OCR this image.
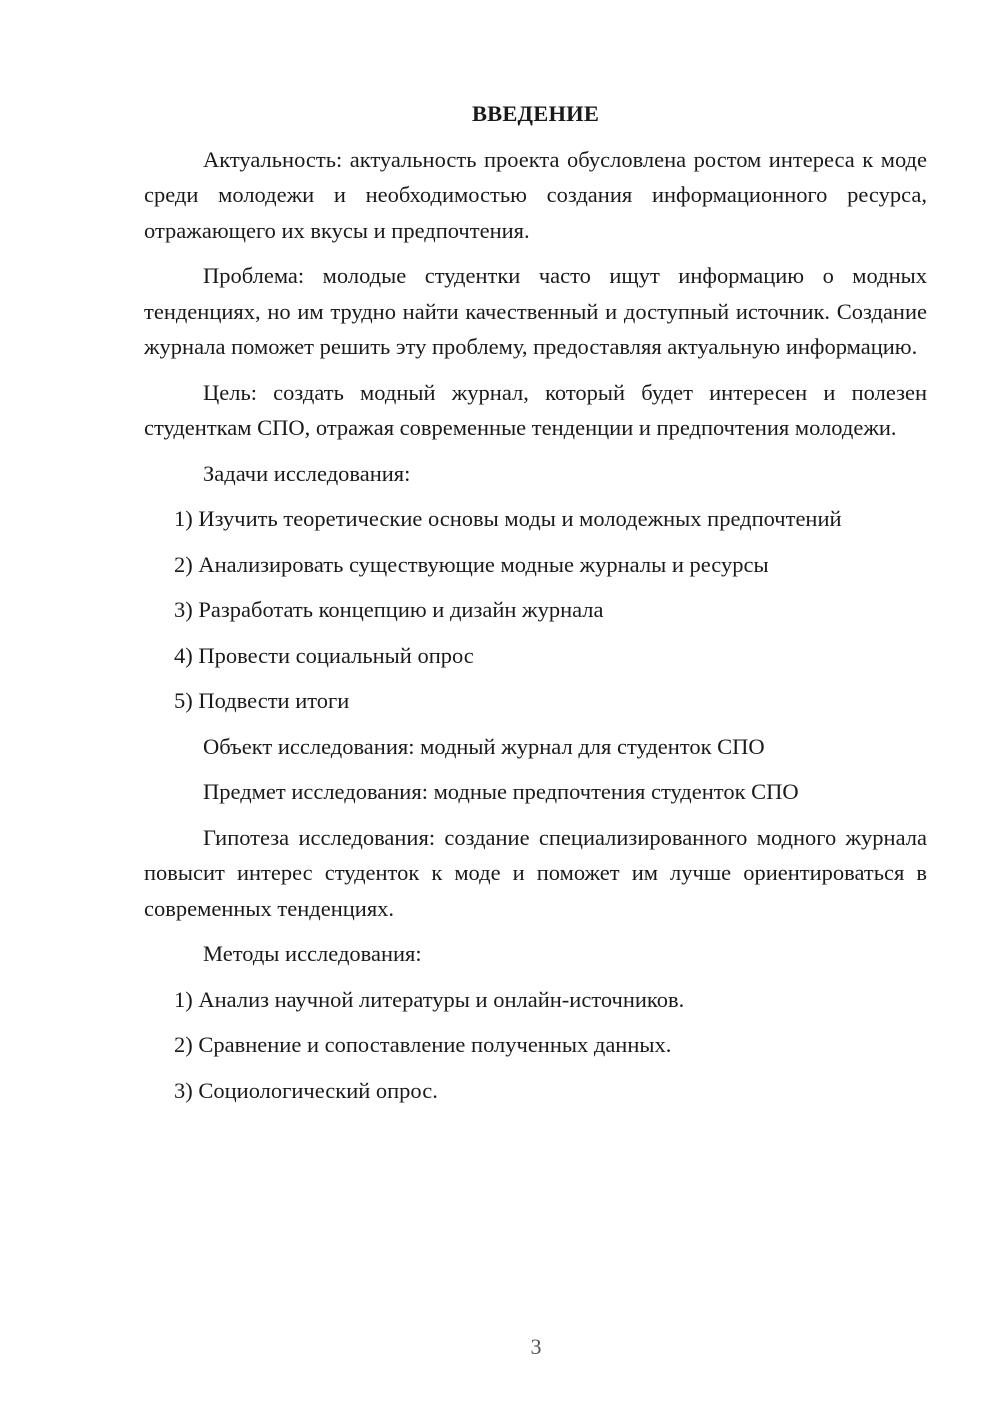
ВВЕДЕНИЕ
Актуальность: актуальность проекта обусловлена ростом интереса к моде среди молодежи и необходимостью создания информационного ресурса, отражающего их вкусы и предпочтения.
Проблема: молодые студентки часто ищут информацию о модных тенденциях, но им трудно найти качественный и доступный источник. Создание журнала поможет решить эту проблему, предоставляя актуальную информацию.
Цель: создать модный журнал, который будет интересен и полезен студенткам СПО, отражая современные тенденции и предпочтения молодежи.
Задачи исследования:
1) Изучить теоретические основы моды и молодежных предпочтений
2) Анализировать существующие модные журналы и ресурсы
3) Разработать концепцию и дизайн журнала
4) Провести социальный опрос
5) Подвести итоги
Объект исследования: модный журнал для студенток СПО
Предмет исследования: модные предпочтения студенток СПО
Гипотеза исследования: создание специализированного модного журнала повысит интерес студенток к моде и поможет им лучше ориентироваться в современных тенденциях.
Методы исследования:
1) Анализ научной литературы и онлайн-источников.
2) Сравнение и сопоставление полученных данных.
3) Социологический опрос.
3
